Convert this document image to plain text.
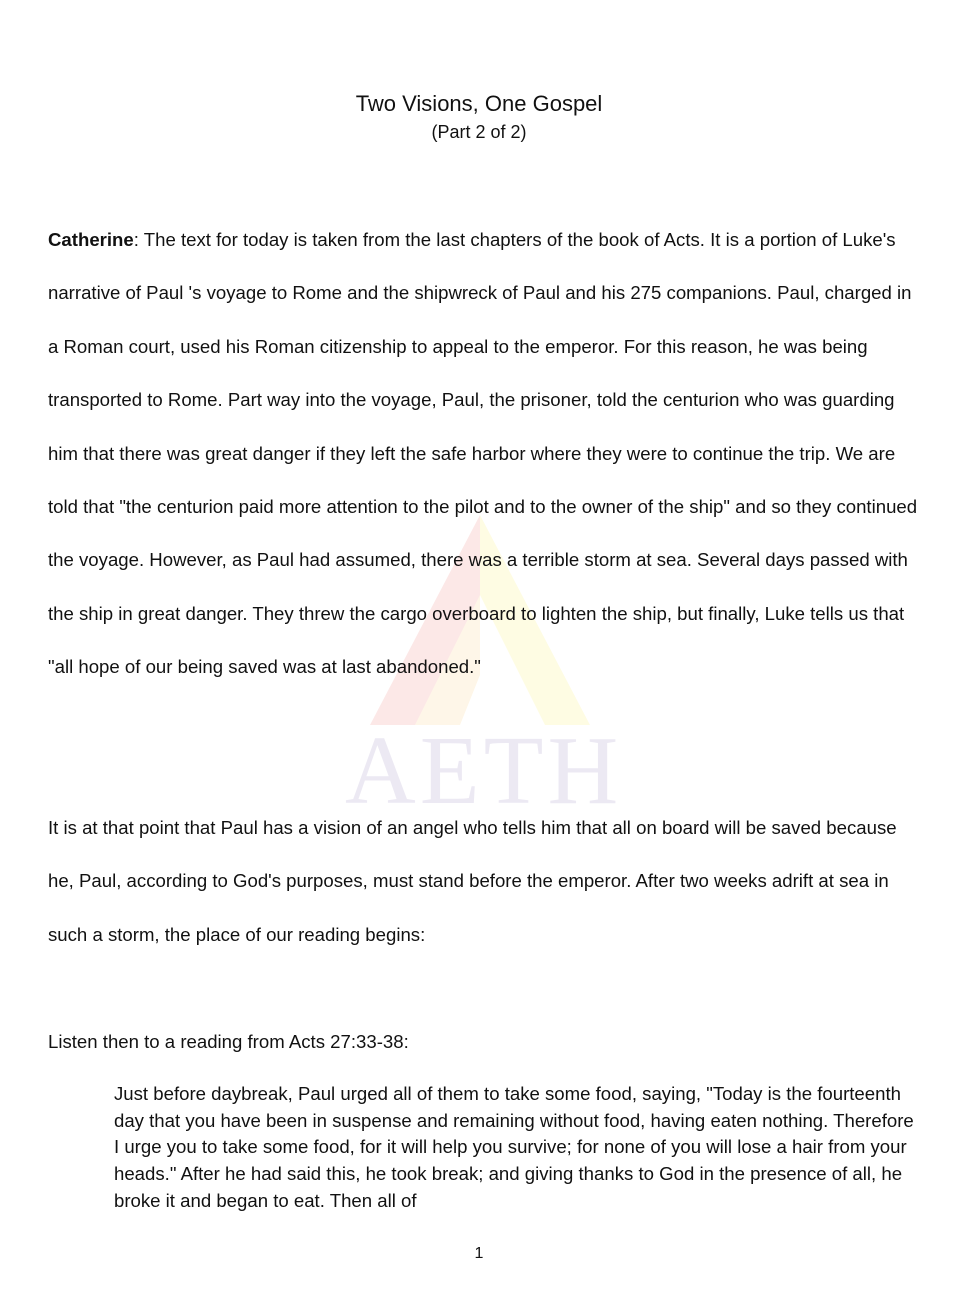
AETH
Two Visions, One Gospel
(Part 2 of 2)

Catherine: The text for today is taken from the last chapters of the book of Acts. It is a portion of Luke's narrative of Paul 's voyage to Rome and the shipwreck of Paul and his 275 companions. Paul, charged in a Roman court, used his Roman citizenship to appeal to the emperor. For this reason, he was being transported to Rome. Part way into the voyage, Paul, the prisoner, told the centurion who was guarding him that there was great danger if they left the safe harbor where they were to continue the trip. We are told that "the centurion paid more attention to the pilot and to the owner of the ship" and so they continued the voyage. However, as Paul had assumed, there was a terrible storm at sea. Several days passed with the ship in great danger. They threw the cargo overboard to lighten the ship, but finally, Luke tells us that "all hope of our being saved was at last abandoned."

It is at that point that Paul has a vision of an angel who tells him that all on board will be saved because he, Paul, according to God's purposes, must stand before the emperor. After two weeks adrift at sea in such a storm, the place of our reading begins:

Listen then to a reading from Acts 27:33-38:

Just before daybreak, Paul urged all of them to take some food, saying, "Today is the fourteenth day that you have been in suspense and remaining without food, having eaten nothing. Therefore I urge you to take some food, for it will help you survive; for none of you will lose a hair from your heads." After he had said this, he took break; and giving thanks to God in the presence of all, he broke it and began to eat. Then all of

1
